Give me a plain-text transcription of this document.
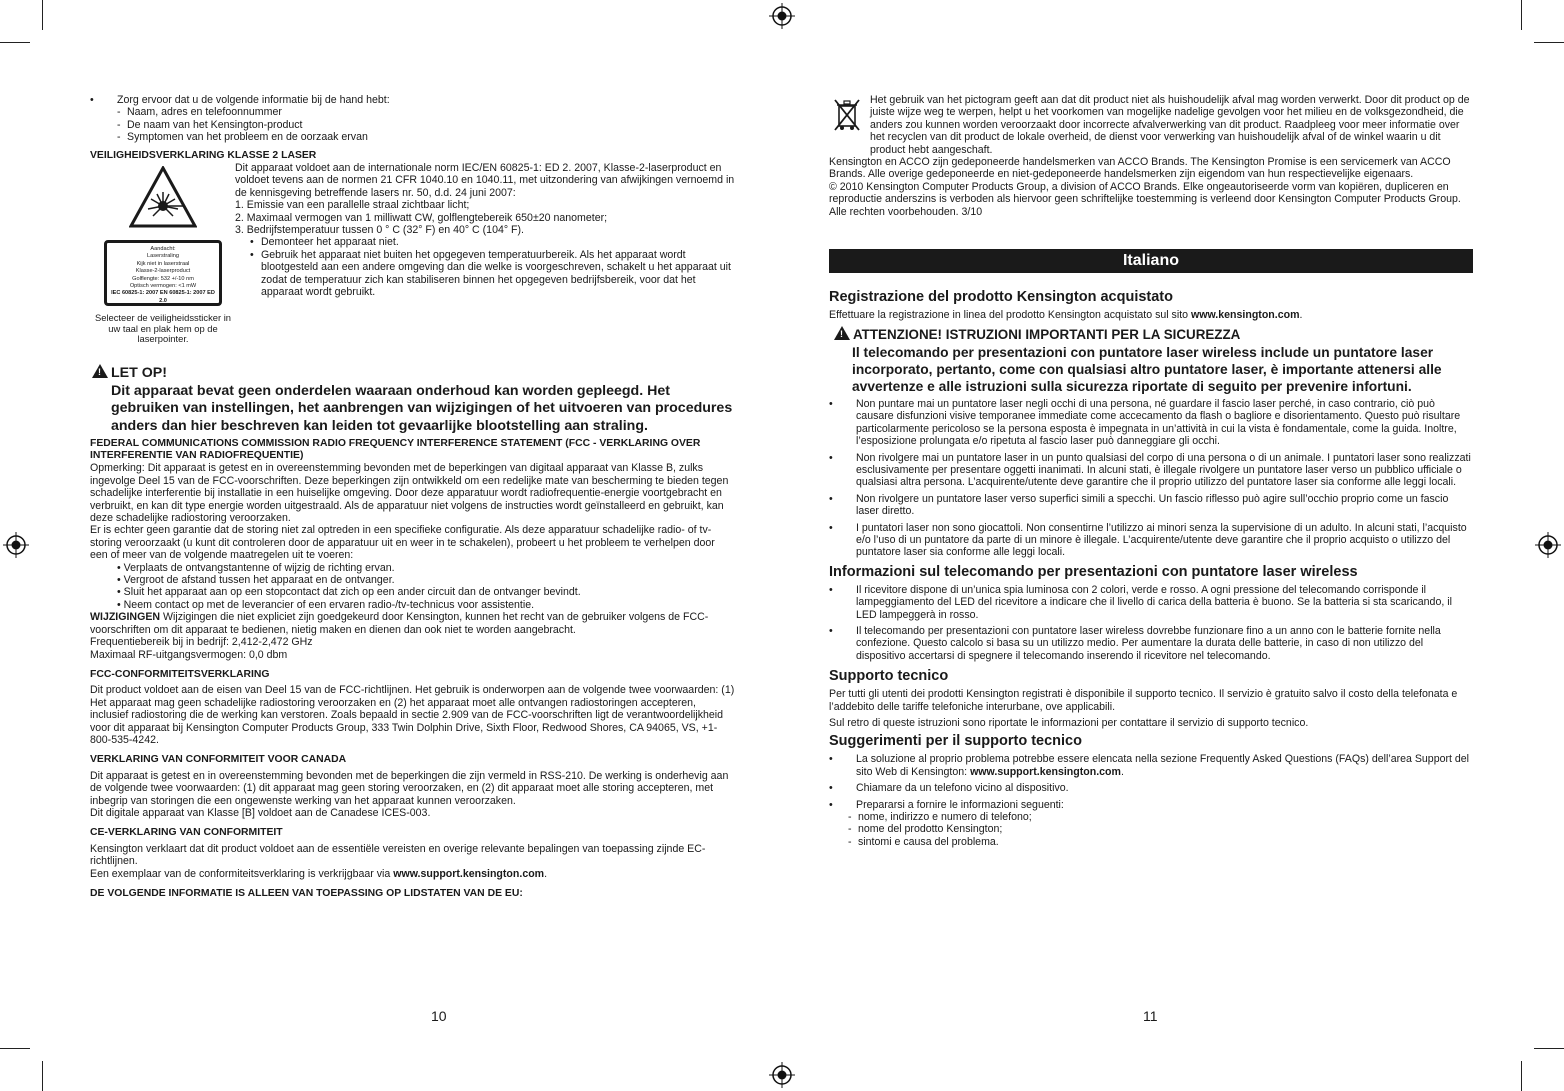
• Zorg ervoor dat u de volgende informatie bij de hand hebt:

- Naam, adres en telefoonnummer

- De naam van het Kensington-product

- Symptomen van het probleem en de oorzaak ervan

VEILIGHEIDSVERKLARING KLASSE 2 LASER

Aandacht:
Laserstraling
Kijk niet in laserstraal
Klasse-2-laserproduct
Golflengte: 532 +/-10 nm
Optisch vermogen: <1 mW
IEC 60825-1: 2007 EN 60825-1: 2007 ED 2.0

Selecteer de veiligheidssticker in uw taal en plak hem op de laserpointer.

Dit apparaat voldoet aan de internationale norm IEC/EN 60825-1: ED 2. 2007, Klasse-2-laserproduct en voldoet tevens aan de normen 21 CFR 1040.10 en 1040.11, met uitzondering van afwijkingen vernoemd in de kennisgeving betreffende lasers nr. 50, d.d. 24 juni 2007:

1. Emissie van een parallelle straal zichtbaar licht;

2. Maximaal vermogen van 1 milliwatt CW, golflengtebereik 650±20 nanometer;

3. Bedrijfstemperatuur tussen 0 ° C (32° F) en 40° C (104° F).

• Demonteer het apparaat niet.

• Gebruik het apparaat niet buiten het opgegeven temperatuurbereik. Als het apparaat wordt blootgesteld aan een andere omgeving dan die welke is voorgeschreven, schakelt u het apparaat uit zodat de temperatuur zich kan stabiliseren binnen het opgegeven bedrijfsbereik, voor dat het apparaat wordt gebruikt.

! LET OP!

Dit apparaat bevat geen onderdelen waaraan onderhoud kan worden gepleegd. Het gebruiken van instellingen, het aanbrengen van wijzigingen of het uitvoeren van procedures anders dan hier beschreven kan leiden tot gevaarlijke blootstelling aan straling.

FEDERAL COMMUNICATIONS COMMISSION RADIO FREQUENCY INTERFERENCE STATEMENT (FCC - VERKLARING OVER INTERFERENTIE VAN RADIOFREQUENTIE)

Opmerking: Dit apparaat is getest en in overeenstemming bevonden met de beperkingen van digitaal apparaat van Klasse B, zulks ingevolge Deel 15 van de FCC-voorschriften. Deze beperkingen zijn ontwikkeld om een redelijke mate van bescherming te bieden tegen schadelijke interferentie bij installatie in een huiselijke omgeving. Door deze apparatuur wordt radiofrequentie-energie voortgebracht en verbruikt, en kan dit type energie worden uitgestraald. Als de apparatuur niet volgens de instructies wordt geïnstalleerd en gebruikt, kan deze schadelijke radiostoring veroorzaken.

Er is echter geen garantie dat de storing niet zal optreden in een specifieke configuratie. Als deze apparatuur schadelijke radio- of tv-storing veroorzaakt (u kunt dit controleren door de apparatuur uit en weer in te schakelen), probeert u het probleem te verhelpen door een of meer van de volgende maatregelen uit te voeren:

• Verplaats de ontvangstantenne of wijzig de richting ervan.

• Vergroot de afstand tussen het apparaat en de ontvanger.

• Sluit het apparaat aan op een stopcontact dat zich op een ander circuit dan de ontvanger bevindt.

• Neem contact op met de leverancier of een ervaren radio-/tv-technicus voor assistentie.

WIJZIGINGEN Wijzigingen die niet expliciet zijn goedgekeurd door Kensington, kunnen het recht van de gebruiker volgens de FCC-voorschriften om dit apparaat te bedienen, nietig maken en dienen dan ook niet te worden aangebracht.

Frequentiebereik bij in bedrijf: 2,412-2,472 GHz

Maximaal RF-uitgangsvermogen: 0,0 dbm

FCC-CONFORMITEITSVERKLARING

Dit product voldoet aan de eisen van Deel 15 van de FCC-richtlijnen. Het gebruik is onderworpen aan de volgende twee voorwaarden: (1) Het apparaat mag geen schadelijke radiostoring veroorzaken en (2) het apparaat moet alle ontvangen radiostoringen accepteren, inclusief radiostoring die de werking kan verstoren. Zoals bepaald in sectie 2.909 van de FCC-voorschriften ligt de verantwoordelijkheid voor dit apparaat bij Kensington Computer Products Group, 333 Twin Dolphin Drive, Sixth Floor, Redwood Shores, CA 94065, VS, +1-800-535-4242.

VERKLARING VAN CONFORMITEIT VOOR CANADA

Dit apparaat is getest en in overeenstemming bevonden met de beperkingen die zijn vermeld in RSS-210. De werking is onderhevig aan de volgende twee voorwaarden: (1) dit apparaat mag geen storing veroorzaken, en (2) dit apparaat moet alle storing accepteren, met inbegrip van storingen die een ongewenste werking van het apparaat kunnen veroorzaken.

Dit digitale apparaat van Klasse [B] voldoet aan de Canadese ICES-003.

CE-VERKLARING VAN CONFORMITEIT

Kensington verklaart dat dit product voldoet aan de essentiële vereisten en overige relevante bepalingen van toepassing zijnde EC-richtlijnen.

Een exemplaar van de conformiteitsverklaring is verkrijgbaar via www.support.kensington.com.

DE VOLGENDE INFORMATIE IS ALLEEN VAN TOEPASSING OP LIDSTATEN VAN DE EU:

10

Het gebruik van het pictogram geeft aan dat dit product niet als huishoudelijk afval mag worden verwerkt. Door dit product op de juiste wijze weg te werpen, helpt u het voorkomen van mogelijke nadelige gevolgen voor het milieu en de volksgezondheid, die anders zou kunnen worden veroorzaakt door incorrecte afvalverwerking van dit product. Raadpleeg voor meer informatie over het recyclen van dit product de lokale overheid, de dienst voor verwerking van huishoudelijk afval of de winkel waarin u dit product hebt aangeschaft.

Kensington en ACCO zijn gedeponeerde handelsmerken van ACCO Brands. The Kensington Promise is een servicemerk van ACCO Brands. Alle overige gedeponeerde en niet-gedeponeerde handelsmerken zijn eigendom van hun respectievelijke eigenaars.

© 2010 Kensington Computer Products Group, a division of ACCO Brands. Elke ongeautoriseerde vorm van kopiëren, dupliceren en reproductie anderszins is verboden als hiervoor geen schriftelijke toestemming is verleend door Kensington Computer Products Group. Alle rechten voorbehouden. 3/10

Italiano

Registrazione del prodotto Kensington acquistato

Effettuare la registrazione in linea del prodotto Kensington acquistato sul sito www.kensington.com.

! ATTENZIONE! ISTRUZIONI IMPORTANTI PER LA SICUREZZA

Il telecomando per presentazioni con puntatore laser wireless include un puntatore laser incorporato, pertanto, come con qualsiasi altro puntatore laser, è importante attenersi alle avvertenze e alle istruzioni sulla sicurezza riportate di seguito per prevenire infortuni.

• Non puntare mai un puntatore laser negli occhi di una persona, né guardare il fascio laser perché, in caso contrario, ciò può causare disfunzioni visive temporanee immediate come accecamento da flash o bagliore e disorientamento. Questo può risultare particolarmente pericoloso se la persona esposta è impegnata in un’attività in cui la vista è fondamentale, come la guida. Inoltre, l’esposizione prolungata e/o ripetuta al fascio laser può danneggiare gli occhi.

• Non rivolgere mai un puntatore laser in un punto qualsiasi del corpo di una persona o di un animale. I puntatori laser sono realizzati esclusivamente per presentare oggetti inanimati. In alcuni stati, è illegale rivolgere un puntatore laser verso un pubblico ufficiale o qualsiasi altra persona. L’acquirente/utente deve garantire che il proprio utilizzo del puntatore laser sia conforme alle leggi locali.

• Non rivolgere un puntatore laser verso superfici simili a specchi. Un fascio riflesso può agire sull’occhio proprio come un fascio laser diretto.

• I puntatori laser non sono giocattoli. Non consentirne l’utilizzo ai minori senza la supervisione di un adulto. In alcuni stati, l’acquisto e/o l’uso di un puntatore da parte di un minore è illegale. L’acquirente/utente deve garantire che il proprio acquisto o utilizzo del puntatore laser sia conforme alle leggi locali.

Informazioni sul telecomando per presentazioni con puntatore laser wireless

• Il ricevitore dispone di un’unica spia luminosa con 2 colori, verde e rosso. A ogni pressione del telecomando corrisponde il lampeggiamento del LED del ricevitore a indicare che il livello di carica della batteria è buono. Se la batteria si sta scaricando, il LED lampeggerà in rosso.

• Il telecomando per presentazioni con puntatore laser wireless dovrebbe funzionare fino a un anno con le batterie fornite nella confezione. Questo calcolo si basa su un utilizzo medio. Per aumentare la durata delle batterie, in caso di non utilizzo del dispositivo accertarsi di spegnere il telecomando inserendo il ricevitore nel telecomando.

Supporto tecnico

Per tutti gli utenti dei prodotti Kensington registrati è disponibile il supporto tecnico. Il servizio è gratuito salvo il costo della telefonata e l’addebito delle tariffe telefoniche interurbane, ove applicabili.

Sul retro di queste istruzioni sono riportate le informazioni per contattare il servizio di supporto tecnico.

Suggerimenti per il supporto tecnico

• La soluzione al proprio problema potrebbe essere elencata nella sezione Frequently Asked Questions (FAQs) dell’area Support del sito Web di Kensington: www.support.kensington.com.

• Chiamare da un telefono vicino al dispositivo.

• Prepararsi a fornire le informazioni seguenti:

- nome, indirizzo e numero di telefono;

- nome del prodotto Kensington;

- sintomi e causa del problema.

11
